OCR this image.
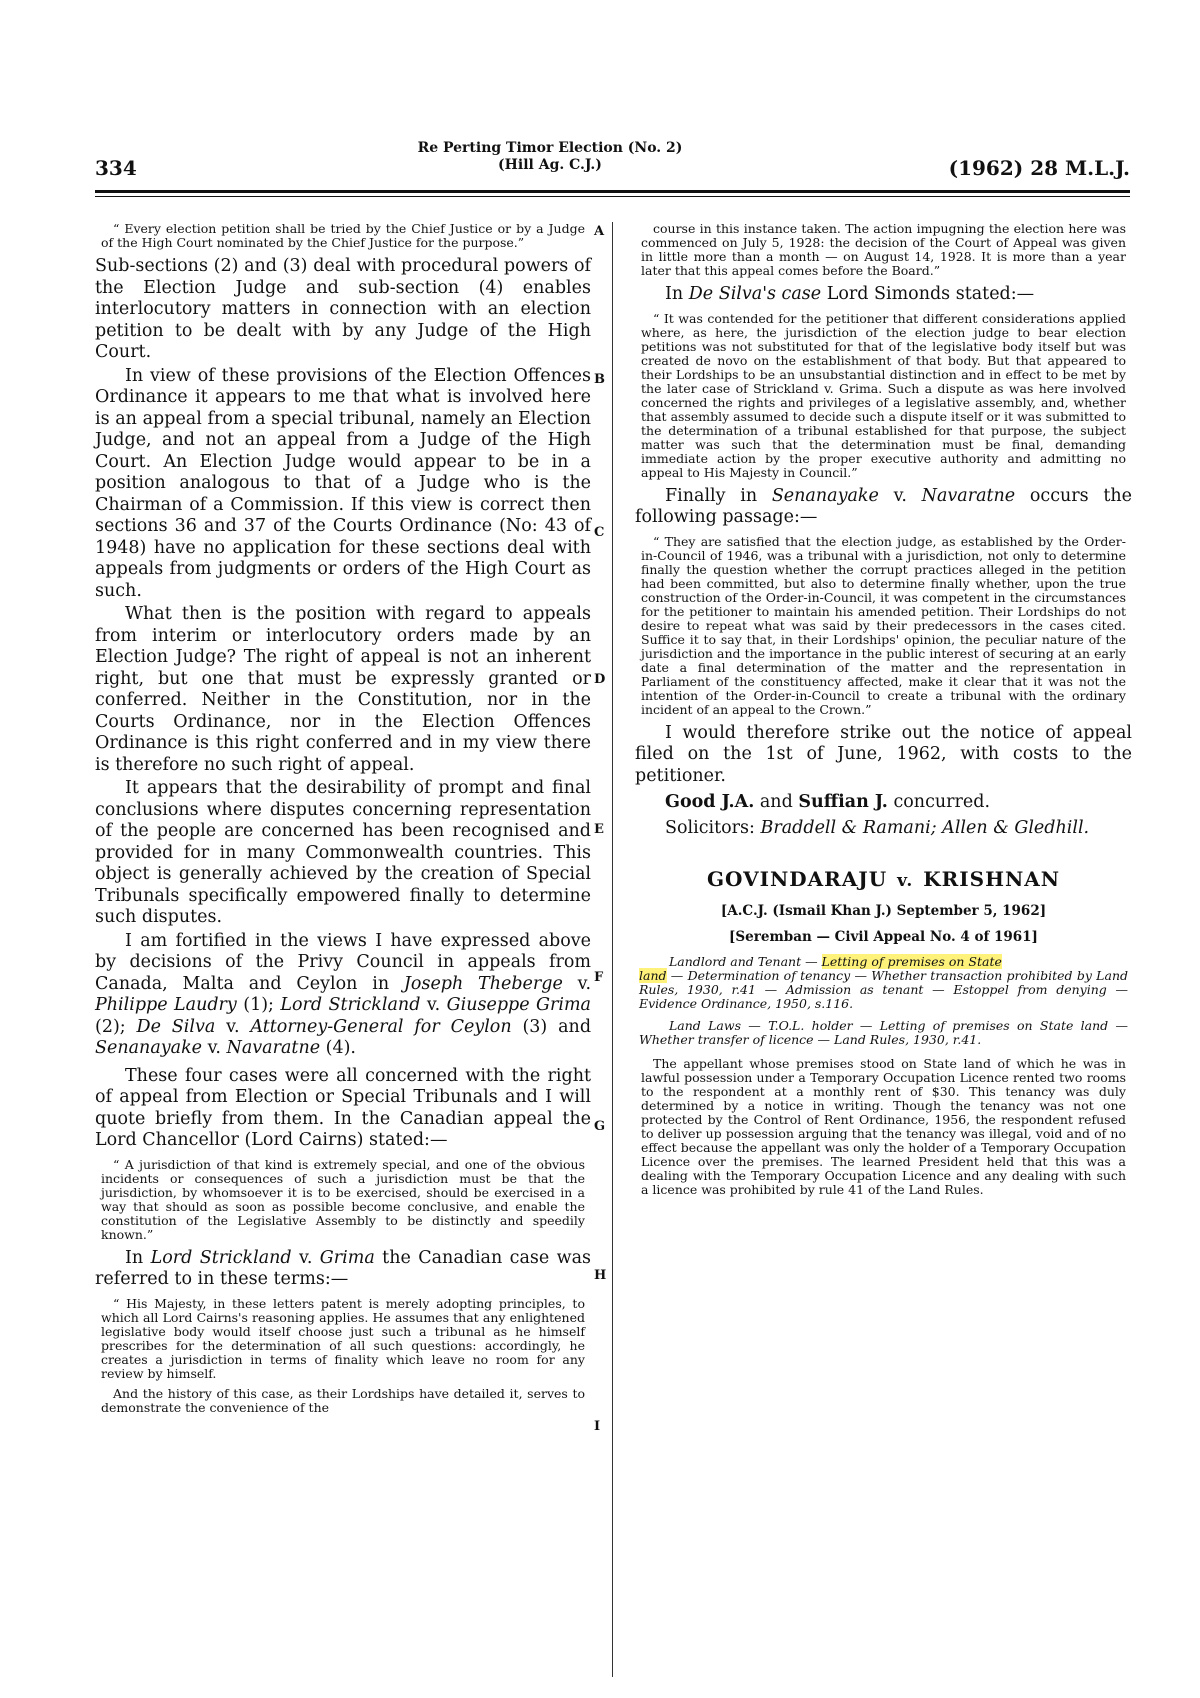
334
Re Perting Timor Election (No. 2)
(Hill Ag. C.J.)	(1962) 28 M.L.J.
A
B
C
D
E
F
G
H
I

“ Every election petition shall be tried by the Chief Justice or by a Judge of the High Court nominated by the Chief Justice for the purpose.”

Sub-sections (2) and (3) deal with procedural powers of the Election Judge and sub-section (4) enables interlocutory matters in connection with an election petition to be dealt with by any Judge of the High Court.

In view of these provisions of the Election Offences Ordinance it appears to me that what is involved here is an appeal from a special tribunal, namely an Election Judge, and not an appeal from a Judge of the High Court. An Election Judge would appear to be in a position analogous to that of a Judge who is the Chairman of a Commission. If this view is correct then sections 36 and 37 of the Courts Ordinance (No: 43 of 1948) have no application for these sections deal with appeals from judgments or orders of the High Court as such.

What then is the position with regard to appeals from interim or interlocutory orders made by an Election Judge? The right of appeal is not an inherent right, but one that must be expressly granted or conferred. Neither in the Constitution, nor in the Courts Ordinance, nor in the Election Offences Ordinance is this right conferred and in my view there is therefore no such right of appeal.

It appears that the desirability of prompt and final conclusions where disputes concerning representation of the people are concerned has been recognised and provided for in many Commonwealth countries. This object is generally achieved by the creation of Special Tribunals specifically empowered finally to determine such disputes.

I am fortified in the views I have expressed above by decisions of the Privy Council in appeals from Canada, Malta and Ceylon in Joseph Theberge v. Philippe Laudry (1); Lord Strickland v. Giuseppe Grima (2); De Silva v. Attorney-General for Ceylon (3) and Senanayake v. Navaratne (4).

These four cases were all concerned with the right of appeal from Election or Special Tribunals and I will quote briefly from them. In the Canadian appeal the Lord Chancellor (Lord Cairns) stated:—

“ A jurisdiction of that kind is extremely special, and one of the obvious incidents or consequences of such a jurisdiction must be that the jurisdiction, by whomsoever it is to be exercised, should be exercised in a way that should as soon as possible become conclusive, and enable the constitution of the Legislative Assembly to be distinctly and speedily known.”

In Lord Strickland v. Grima the Canadian case was referred to in these terms:—

“ His Majesty, in these letters patent is merely adopting principles, to which all Lord Cairns's reasoning applies. He assumes that any enlightened legislative body would itself choose just such a tribunal as he himself prescribes for the determination of all such questions: accordingly, he creates a jurisdiction in terms of finality which leave no room for any review by himself.

And the history of this case, as their Lordships have detailed it, serves to demonstrate the convenience of the

course in this instance taken. The action impugning the election here was commenced on July 5, 1928: the decision of the Court of Appeal was given in little more than a month — on August 14, 1928. It is more than a year later that this appeal comes before the Board.”

In De Silva's case Lord Simonds stated:—

“ It was contended for the petitioner that different considerations applied where, as here, the jurisdiction of the election judge to bear election petitions was not substituted for that of the legislative body itself but was created de novo on the establishment of that body. But that appeared to their Lordships to be an unsubstantial distinction and in effect to be met by the later case of Strickland v. Grima. Such a dispute as was here involved concerned the rights and privileges of a legislative assembly, and, whether that assembly assumed to decide such a dispute itself or it was submitted to the determination of a tribunal established for that purpose, the subject matter was such that the determination must be final, demanding immediate action by the proper executive authority and admitting no appeal to His Majesty in Council.”

Finally in Senanayake v. Navaratne occurs the following passage:—

“ They are satisfied that the election judge, as established by the Order-in-Council of 1946, was a tribunal with a jurisdiction, not only to determine finally the question whether the corrupt practices alleged in the petition had been committed, but also to determine finally whether, upon the true construction of the Order-in-Council, it was competent in the circumstances for the petitioner to maintain his amended petition. Their Lordships do not desire to repeat what was said by their predecessors in the cases cited. Suffice it to say that, in their Lordships' opinion, the peculiar nature of the jurisdiction and the importance in the public interest of securing at an early date a final determination of the matter and the representation in Parliament of the constituency affected, make it clear that it was not the intention of the Order-in-Council to create a tribunal with the ordinary incident of an appeal to the Crown.”

I would therefore strike out the notice of appeal filed on the 1st of June, 1962, with costs to the petitioner.

Good J.A. and Suffian J. concurred.

Solicitors: Braddell & Ramani; Allen & Gledhill.

GOVINDARAJU v. KRISHNAN
[A.C.J. (Ismail Khan J.) September 5, 1962]
[Seremban — Civil Appeal No. 4 of 1961]

Landlord and Tenant — Letting of premises on State
land — Determination of tenancy — Whether transaction prohibited by Land Rules, 1930, r.41 — Admission as tenant — Estoppel from denying — Evidence Ordinance, 1950, s.116.

Land Laws — T.O.L. holder — Letting of premises on State land — Whether transfer of licence — Land Rules, 1930, r.41.

The appellant whose premises stood on State land of which he was in lawful possession under a Temporary Occupation Licence rented two rooms to the respondent at a monthly rent of $30. This tenancy was duly determined by a notice in writing. Though the tenancy was not one protected by the Control of Rent Ordinance, 1956, the respondent refused to deliver up possession arguing that the tenancy was illegal, void and of no effect because the appellant was only the holder of a Temporary Occupation Licence over the premises. The learned President held that this was a dealing with the Temporary Occupation Licence and any dealing with such a licence was prohibited by rule 41 of the Land Rules.
